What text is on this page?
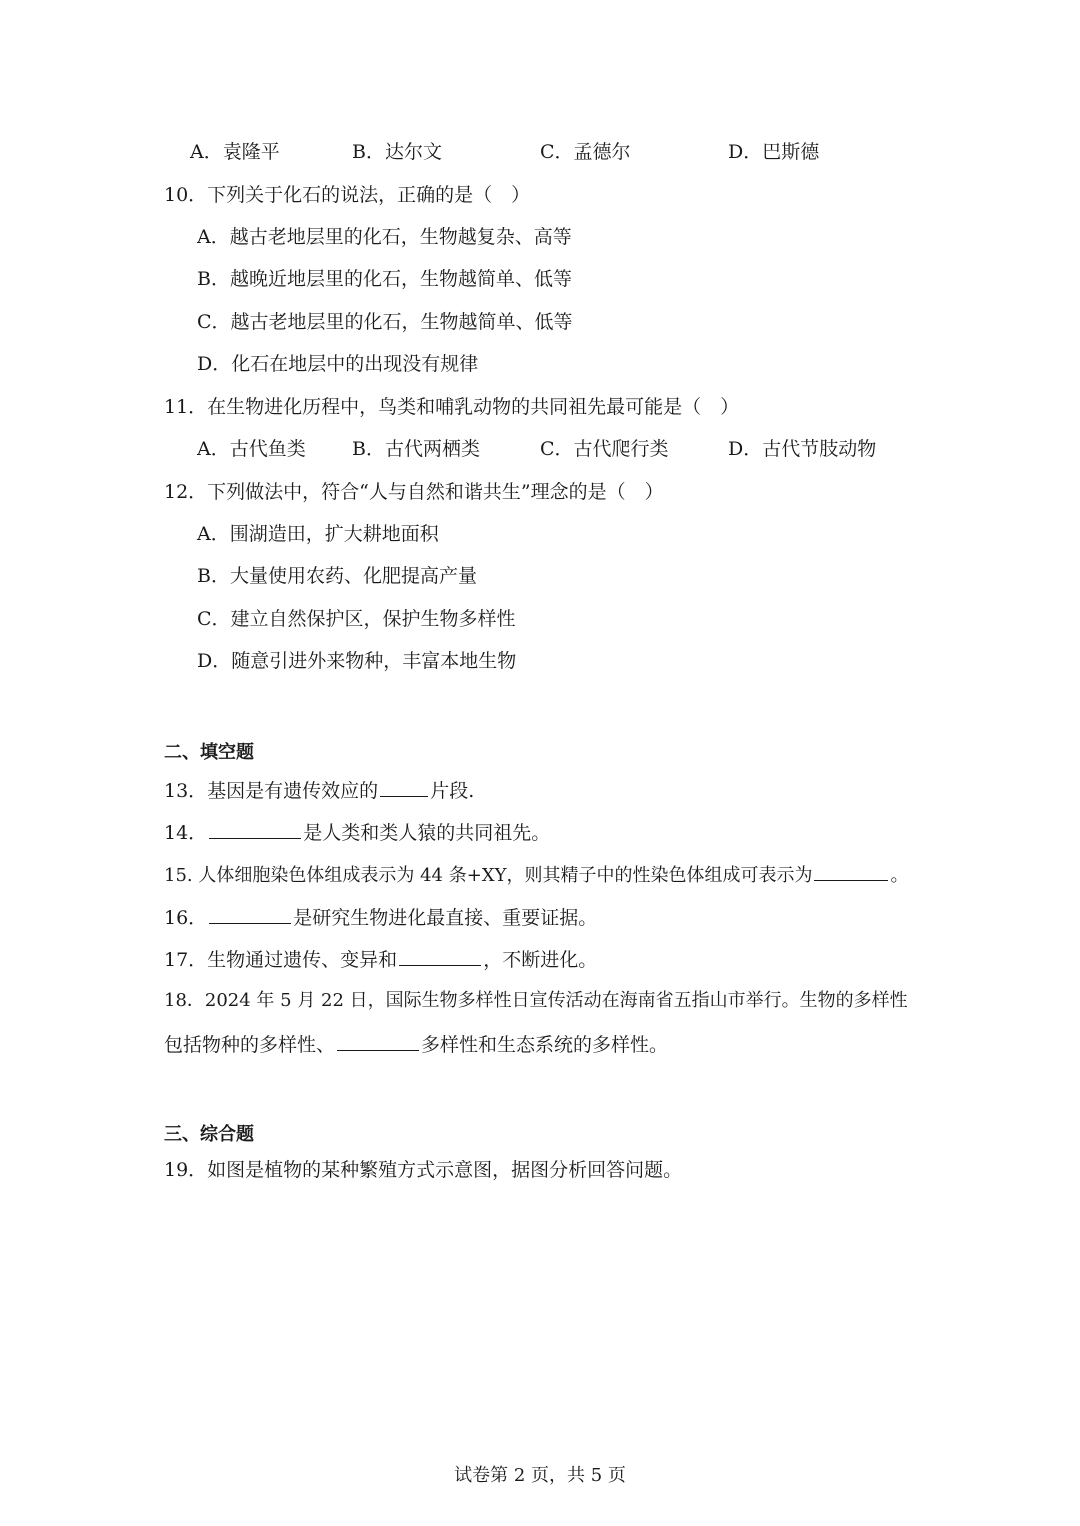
A．袁隆平	B．达尔文	C．孟德尔	D．巴斯德
10．下列关于化石的说法，正确的是（　）
A．越古老地层里的化石，生物越复杂、高等
B．越晚近地层里的化石，生物越简单、低等
C．越古老地层里的化石，生物越简单、低等
D．化石在地层中的出现没有规律
11．在生物进化历程中，鸟类和哺乳动物的共同祖先最可能是（　）
A．古代鱼类 B．古代两栖类	C．古代爬行类	D．古代节肢动物
12．下列做法中，符合“人与自然和谐共生”理念的是（　）
A．围湖造田，扩大耕地面积
B．大量使用农药、化肥提高产量
C．建立自然保护区，保护生物多样性
D．随意引进外来物种，丰富本地生物
二、填空题
13．基因是有遗传效应的	片段.
14．	是人类和类人猿的共同祖先。
15. 人体细胞染色体组成表示为 44 条+XY，则其精子中的性染色体组成可表示为	。
16．	是研究生物进化最直接、重要证据。
17．生物通过遗传、变异和	，不断进化。
18．2024 年 5 月 22 日，国际生物多样性日宣传活动在海南省五指山市举行。生物的多样性
包括物种的多样性、	多样性和生态系统的多样性。
三、综合题
19．如图是植物的某种繁殖方式示意图，据图分析回答问题。
试卷第 2 页，共 5 页
